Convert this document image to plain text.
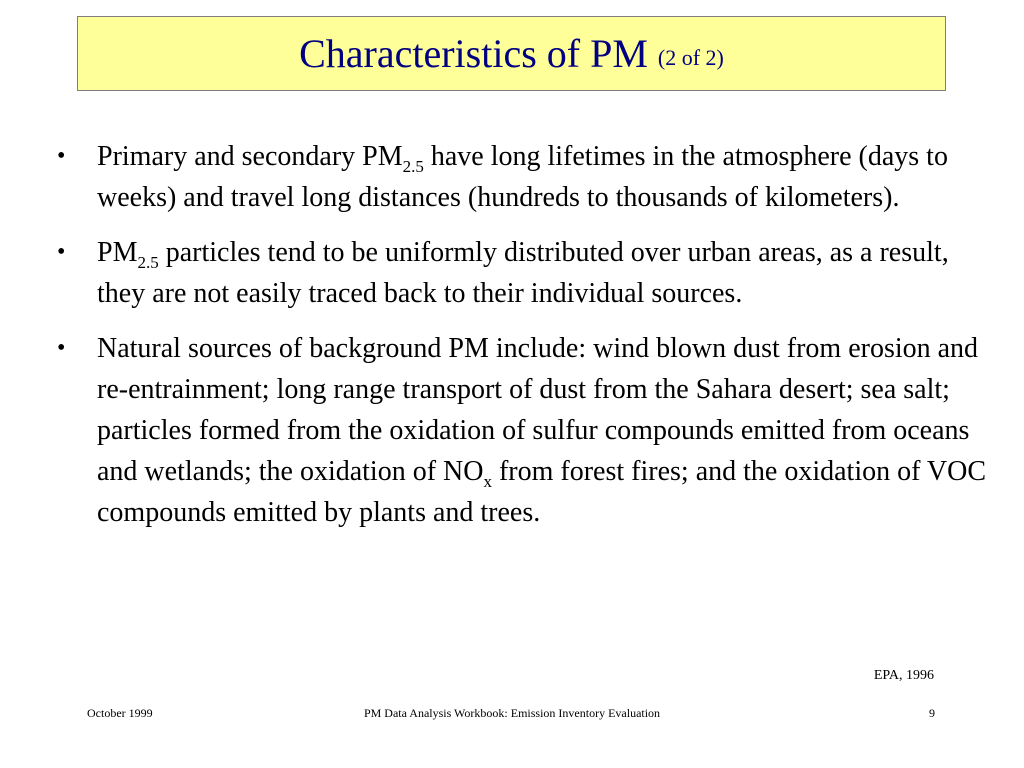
Characteristics of PM (2 of 2)
•	Primary and secondary $PM_{2.5}$ have long lifetimes in the atmosphere (days to weeks) and travel long distances (hundreds to thousands of kilometers).
•	$PM_{2.5}$ particles tend to be uniformly distributed over urban areas, as a result, they are not easily traced back to their individual sources.
•	Natural sources of background PM include: wind blown dust from erosion and re-entrainment; long range transport of dust from the Sahara desert; sea salt; particles formed from the oxidation of sulfur compounds emitted from oceans and wetlands; the oxidation of $NO_x$ from forest fires; and the oxidation of VOC compounds emitted by plants and trees.
EPA, 1996
October 1999	PM Data Analysis Workbook: Emission Inventory Evaluation	9
